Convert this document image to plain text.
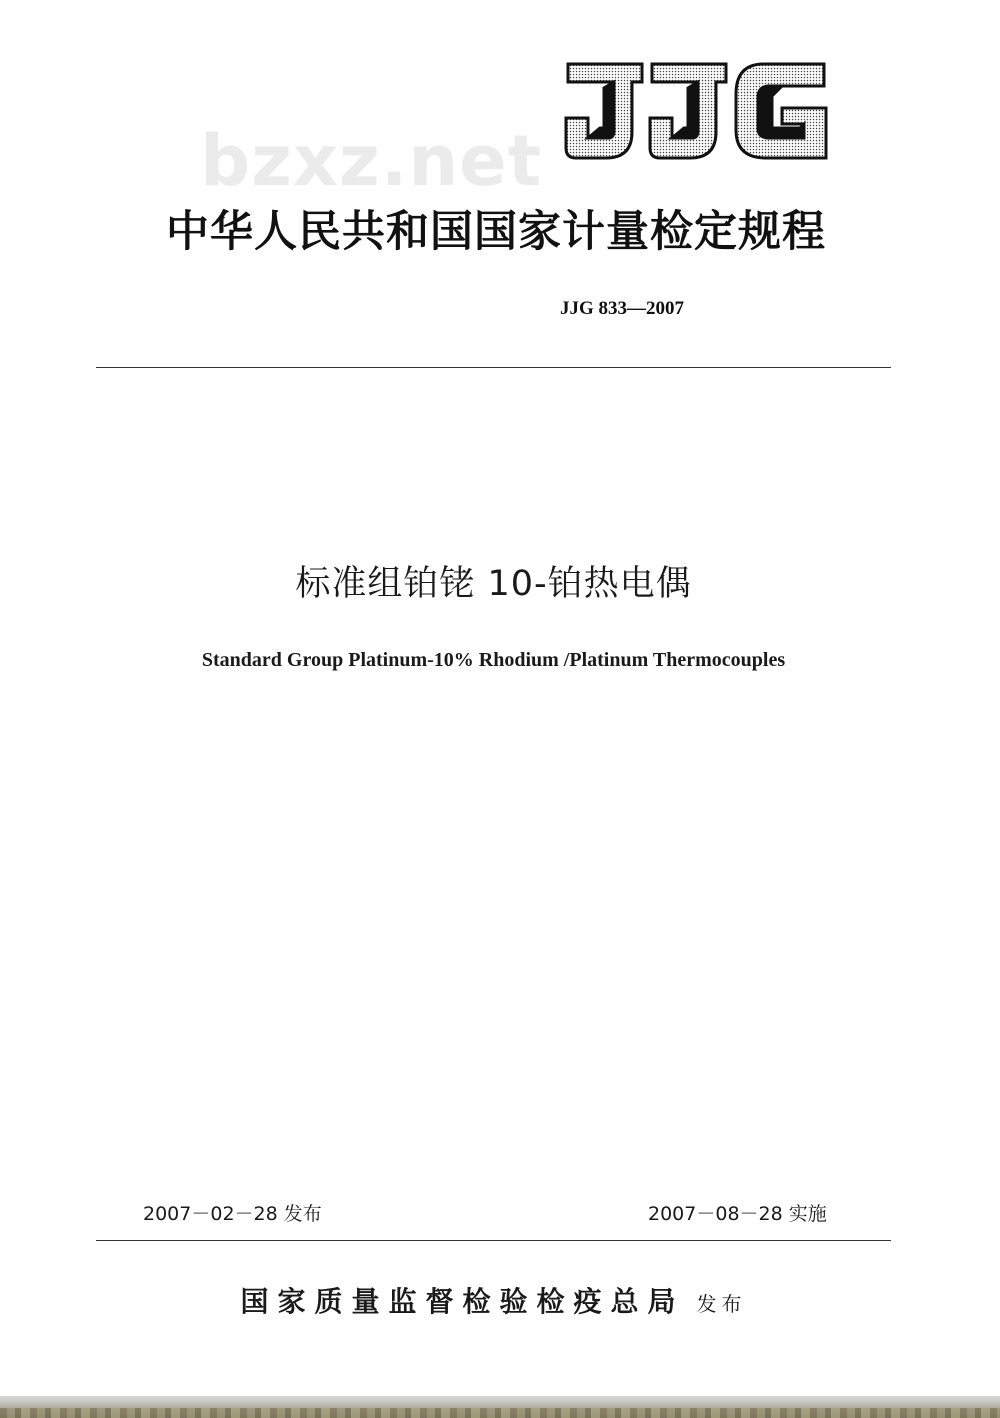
bzxz.net
中华人民共和国国家计量检定规程
JJG 833—2007
标准组铂铑 10-铂热电偶
Standard Group Platinum-10% Rhodium /Platinum Thermocouples
2007－02－28 发布	2007－08－28 实施
国家质量监督检验检疫总局 发布
